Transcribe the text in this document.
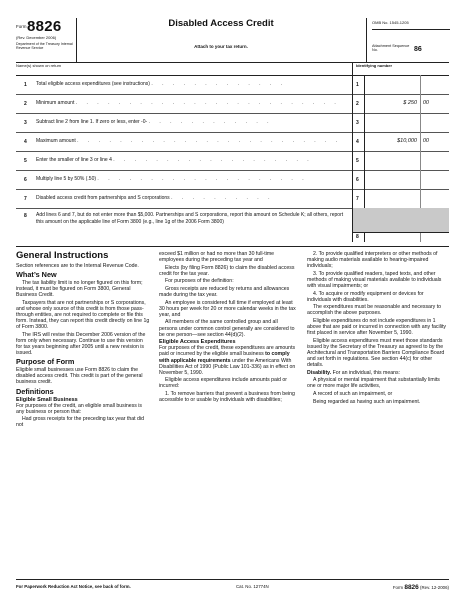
Form 8826
(Rev. December 2006)
Department of the Treasury Internal Revenue Service
Disabled Access Credit
Attach to your tax return.
OMB No. 1545-1205
Attachment Sequence No.	86
Name(s) shown on return	Identifying number
1 Total eligible access expenditures (see instructions) . . . . . . . . . . . . .	1
2 Minimum amount . . . . . . . . . . . . . . . . . . . . . . . . .	2	$ 250 00
3 Subtract line 2 from line 1. If zero or less, enter -0- . . . . . . . . . . . .	3
4 Maximum amount . . . . . . . . . . . . . . . . . . . . . . . . .	4	$10,000 00
5 Enter the smaller of line 3 or line 4 . . . . . . . . . . . . . . . . . . .	5
6 Multiply line 5 by 50% (.50) . . . . . . . . . . . . . . . . . . . .	6
7 Disabled access credit from partnerships and S corporations . . . . . . . . . .	7
8 Add lines 6 and 7, but do not enter more than $5,000. Partnerships and S corporations, report this amount on Schedule K; all others, report this amount on the applicable line of Form 3800 (e.g., line 1g of the 2006 Form 3800)
8
General Instructions

Section references are to the Internal Revenue Code.

What’s New

The tax liability limit is no longer figured on this form; instead, it must be figured on Form 3800, General Business Credit.

Taxpayers that are not partnerships or S corporations, and whose only source of this credit is from those pass-through entities, are not required to complete or file this form. Instead, they can report this credit directly on line 1g of Form 3800.

The IRS will revise this December 2006 version of the form only when necessary. Continue to use this version for tax years beginning after 2005 until a new revision is issued.

Purpose of Form

Eligible small businesses use Form 8826 to claim the disabled access credit. This credit is part of the general business credit.

Definitions
Eligible Small Business

For purposes of the credit, an eligible small business is any business or person that:

Had gross receipts for the preceding tax year that did not

exceed $1 million or had no more than 30 full-time employees during the preceding tax year and

Elects (by filing Form 8826) to claim the disabled access credit for the tax year.

For purposes of the definition:

Gross receipts are reduced by returns and allowances made during the tax year.

An employee is considered full time if employed at least 30 hours per week for 20 or more calendar weeks in the tax year, and

All members of the same controlled group and all persons under common control generally are considered to be one person—see section 44(d)(2).

Eligible Access Expenditures

For purposes of the credit, these expenditures are amounts paid or incurred by the eligible small business to comply with applicable requirements under the Americans With Disabilities Act of 1990 (Public Law 101-336) as in effect on November 5, 1990.

Eligible access expenditures include amounts paid or incurred:

1. To remove barriers that prevent a business from being accessible to or usable by individuals with disabilities;

2. To provide qualified interpreters or other methods of making audio materials available to hearing-impaired individuals;

3. To provide qualified readers, taped texts, and other methods of making visual materials available to individuals with visual impairments; or

4. To acquire or modify equipment or devices for individuals with disabilities.

The expenditures must be reasonable and necessary to accomplish the above purposes.

Eligible expenditures do not include expenditures in 1 above that are paid or incurred in connection with any facility first placed in service after November 5, 1990.

Eligible access expenditures must meet those standards issued by the Secretary of the Treasury as agreed to by the Architectural and Transportation Barriers Compliance Board and set forth in regulations. See section 44(c) for other details.

Disability. For an individual, this means:

A physical or mental impairment that substantially limits one or more major life activities,

A record of such an impairment, or

Being regarded as having such an impairment.

For Paperwork Reduction Act Notice, see back of form.	Cat. No. 12774N	Form 8826 (Rev. 12-2006)
